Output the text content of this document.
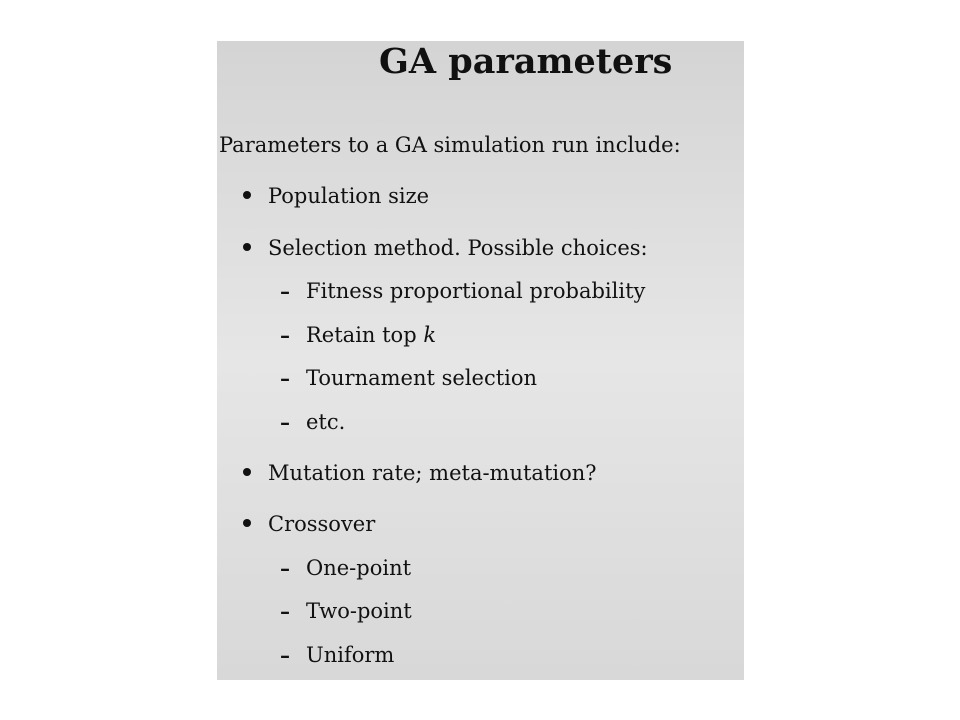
GA parameters
Parameters to a GA simulation run include:
Population size
Selection method. Possible choices:
– Fitness proportional probability
– Retain top k
– Tournament selection
– etc.
Mutation rate; meta-mutation?
Crossover
– One-point
– Two-point
– Uniform
